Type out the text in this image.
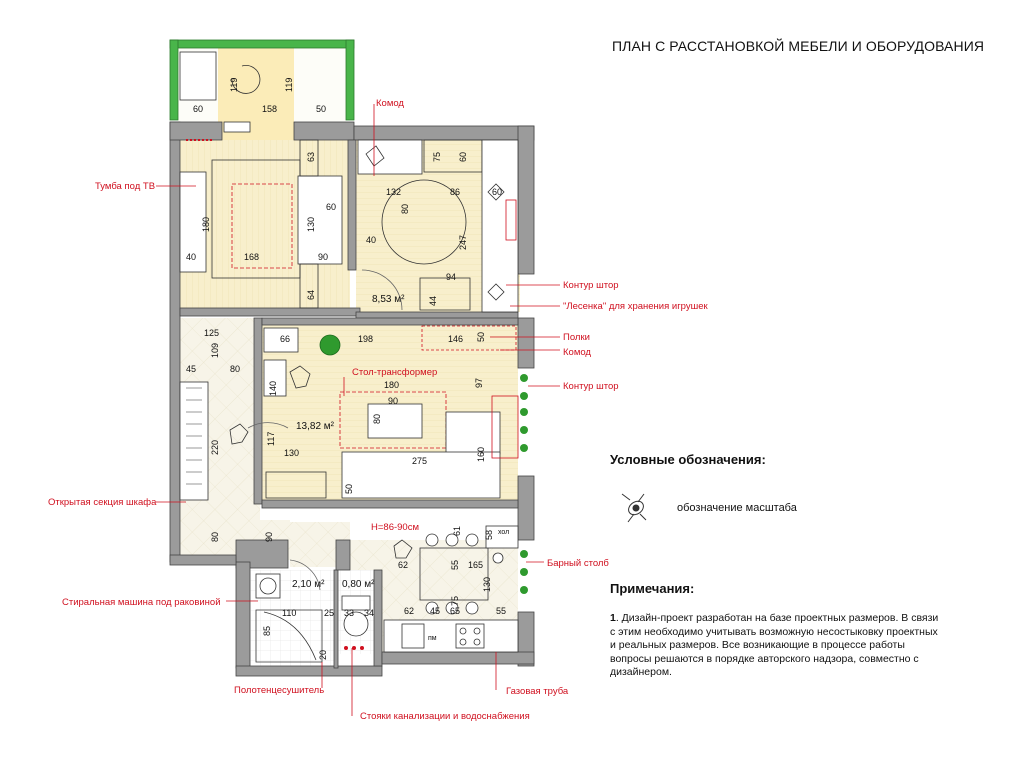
ПЛАН С РАССТАНОВКОЙ МЕБЕЛИ И ОБОРУДОВАНИЯ
60	158	50
119	119
63
180
40	168	90
60
130
64
75 60
132	86	60
80
40	247
94
44
8,53 м²
125
109
45	80
220
80	90
66	198	146 50
140	180	97
90
80
117
130
275	160
50
13,82 м²
61 58 хол
62	55 165
75
130
62 45 65	55
пм
110	25
85
20
33 34
2,10 м² 0,80 м²
Комод
Тумба под ТВ
Контур штор
"Лесенка" для хранения игрушек
Полки
Комод
Стол-трансформер
Контур штор
Открытая секция шкафа
H=86-90см
Барный столб
Стиральная машина под раковиной
Полотенцесушитель
Стояки канализации и водоснабжения
Газовая труба
Условные обозначения:
обозначение масштаба
Примечания:
1. Дизайн-проект разработан на базе проектных размеров. В связи с этим необходимо учитывать возможную несостыковку проектных и реальных размеров. Все возникающие в процессе работы вопросы решаются в порядке авторского надзора, совместно с дизайнером.
